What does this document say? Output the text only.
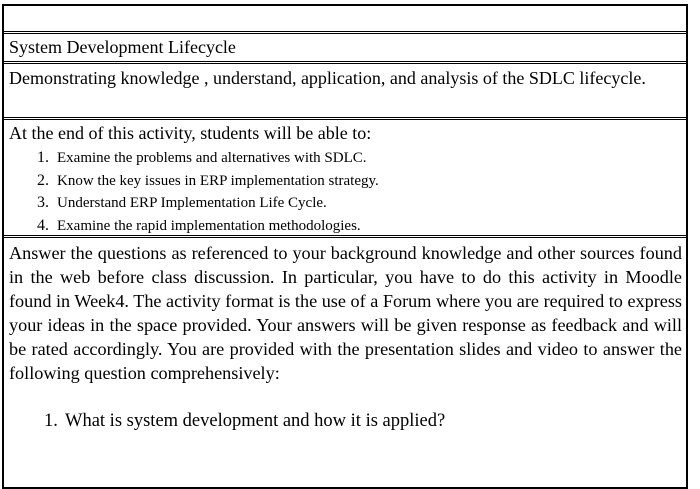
System Development Lifecycle
Demonstrating knowledge , understand, application, and analysis of the SDLC lifecycle.
At the end of this activity, students will be able to:
1. Examine the problems and alternatives with SDLC.
2. Know the key issues in ERP implementation strategy.
3. Understand ERP Implementation Life Cycle.
4. Examine the rapid implementation methodologies.
Answer the questions as referenced to your background knowledge and other sources found in the web before class discussion. In particular, you have to do this activity in Moodle found in Week4. The activity format is the use of a Forum where you are required to express your ideas in the space provided. Your answers will be given response as feedback and will be rated accordingly. You are provided with the presentation slides and video to answer the following question comprehensively:
1. What is system development and how it is applied?
